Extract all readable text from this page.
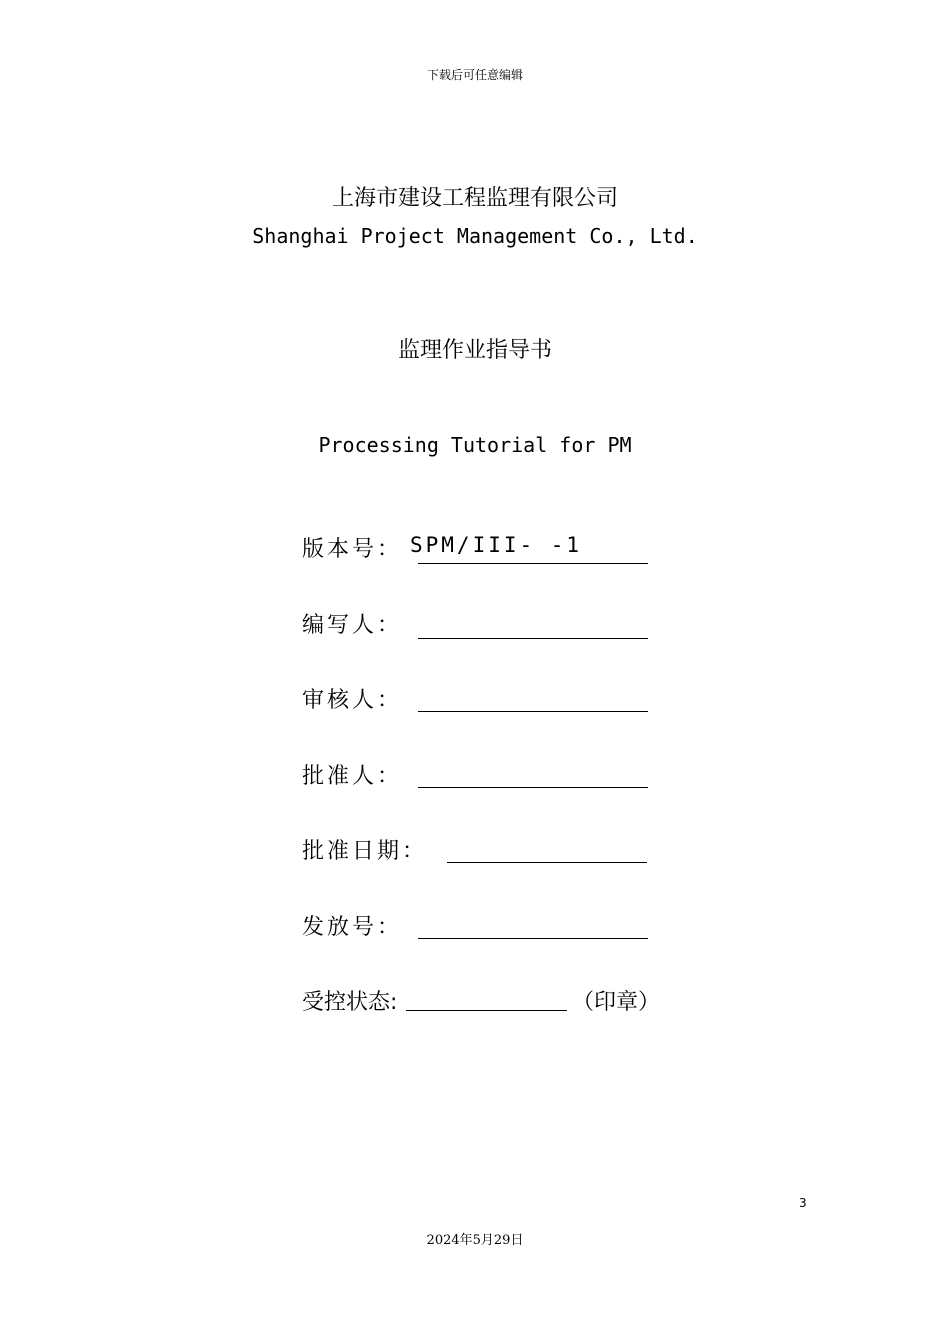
下载后可任意编辑
上海市建设工程监理有限公司
Shanghai Project Management Co., Ltd.
监理作业指导书
Processing Tutorial for PM
版本号： SPM/III- -1
编写人：
审核人：
批准人：
批准日期：
发放号：
受控状态:	（印章）
3
2024年5月29日
